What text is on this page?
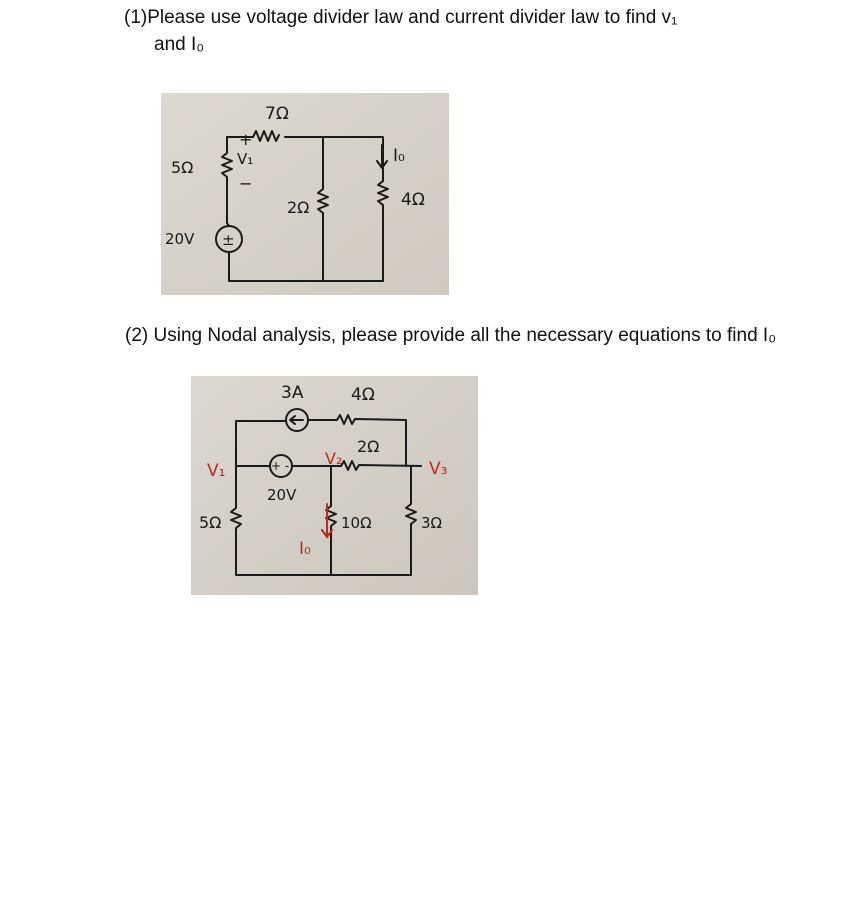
(1)Please use voltage divider law and current divider law to find v₁
and I₀
7Ω
5Ω	V₁
+
−
2Ω
I₀
4Ω
20V ±
(2) Using Nodal analysis, please provide all the necessary equations to find I₀
3A	4Ω
2Ω
+ -
20V
5Ω	10Ω	3Ω
V₁
V₂
V₃
I₀
